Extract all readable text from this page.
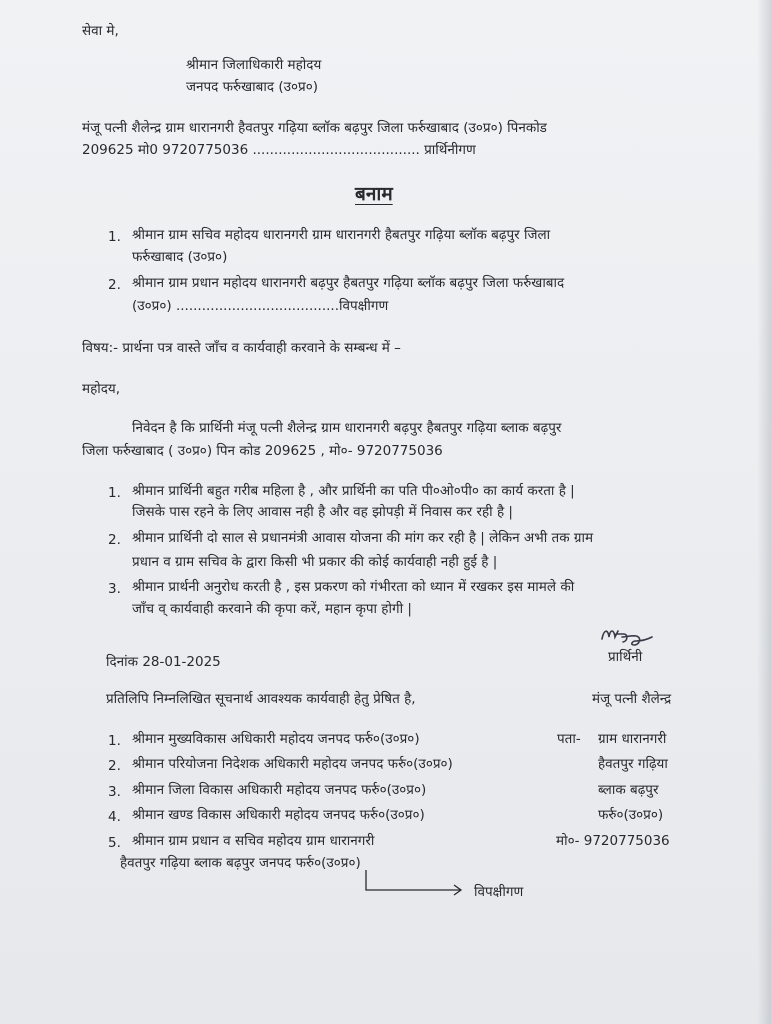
सेवा मे,
श्रीमान जिलाधिकारी महोदय
जनपद फर्रुखाबाद (उ०प्र०)
मंजू पत्नी शैलेन्द्र ग्राम धारानगरी हैवतपुर गढ़िया ब्लॉक बढ़पुर जिला फर्रुखाबाद (उ०प्र०) पिनकोड
209625 मो0 9720775036 ....................................... प्रार्थिनीगण
बनाम
1. श्रीमान ग्राम सचिव महोदय धारानगरी ग्राम धारानगरी हैबतपुर गढ़िया ब्लॉक बढ़पुर जिला
फर्रुखाबाद (उ०प्र०)
2. श्रीमान ग्राम प्रधान महोदय धारानगरी बढ़पुर हैबतपुर गढ़िया ब्लॉक बढ़पुर जिला फर्रुखाबाद
(उ०प्र०) ......................................विपक्षीगण
विषय:- प्रार्थना पत्र वास्ते जाँच व कार्यवाही करवाने के सम्बन्ध में –
महोदय,
निवेदन है कि प्रार्थिनी मंजू पत्नी शैलेन्द्र ग्राम धारानगरी बढ़पुर हैबतपुर गढ़िया ब्लाक बढ़पुर
जिला फर्रुखाबाद ( उ०प्र०) पिन कोड 209625 , मो०- 9720775036
1. श्रीमान प्रार्थिनी बहुत गरीब महिला है , और प्रार्थिनी का पति पी०ओ०पी० का कार्य करता है |
जिसके पास रहने के लिए आवास नही है और वह झोपड़ी में निवास कर रही है |
2. श्रीमान प्रार्थिनी दो साल से प्रधानमंत्री आवास योजना की मांग कर रही है | लेकिन अभी तक ग्राम
प्रधान व ग्राम सचिव के द्वारा किसी भी प्रकार की कोई कार्यवाही नही हुई है |
3. श्रीमान प्रार्थनी अनुरोध करती है , इस प्रकरण को गंभीरता को ध्यान में रखकर इस मामले की
जाँच व् कार्यवाही करवाने की कृपा करें, महान कृपा होगी |
प्रार्थिनी
दिनांक 28-01-2025
प्रतिलिपि निम्नलिखित सूचनार्थ आवश्यक कार्यवाही हेतु प्रेषित है,	मंजू पत्नी शैलेन्द्र
1. श्रीमान मुख्यविकास अधिकारी महोदय जनपद फर्रु०(उ०प्र०)
2. श्रीमान परियोजना निदेशक अधिकारी महोदय जनपद फर्रु०(उ०प्र०)
3. श्रीमान जिला विकास अधिकारी महोदय जनपद फर्रु०(उ०प्र०)
4. श्रीमान खण्ड विकास अधिकारी महोदय जनपद फर्रु०(उ०प्र०)
5. श्रीमान ग्राम प्रधान व सचिव महोदय ग्राम धारानगरी
हैवतपुर गढ़िया ब्लाक बढ़पुर जनपद फर्रु०(उ०प्र०)
पता- ग्राम धारानगरी
हैवतपुर गढ़िया
ब्लाक बढ़पुर
फर्रु०(उ०प्र०)
मो०- 9720775036
विपक्षीगण
